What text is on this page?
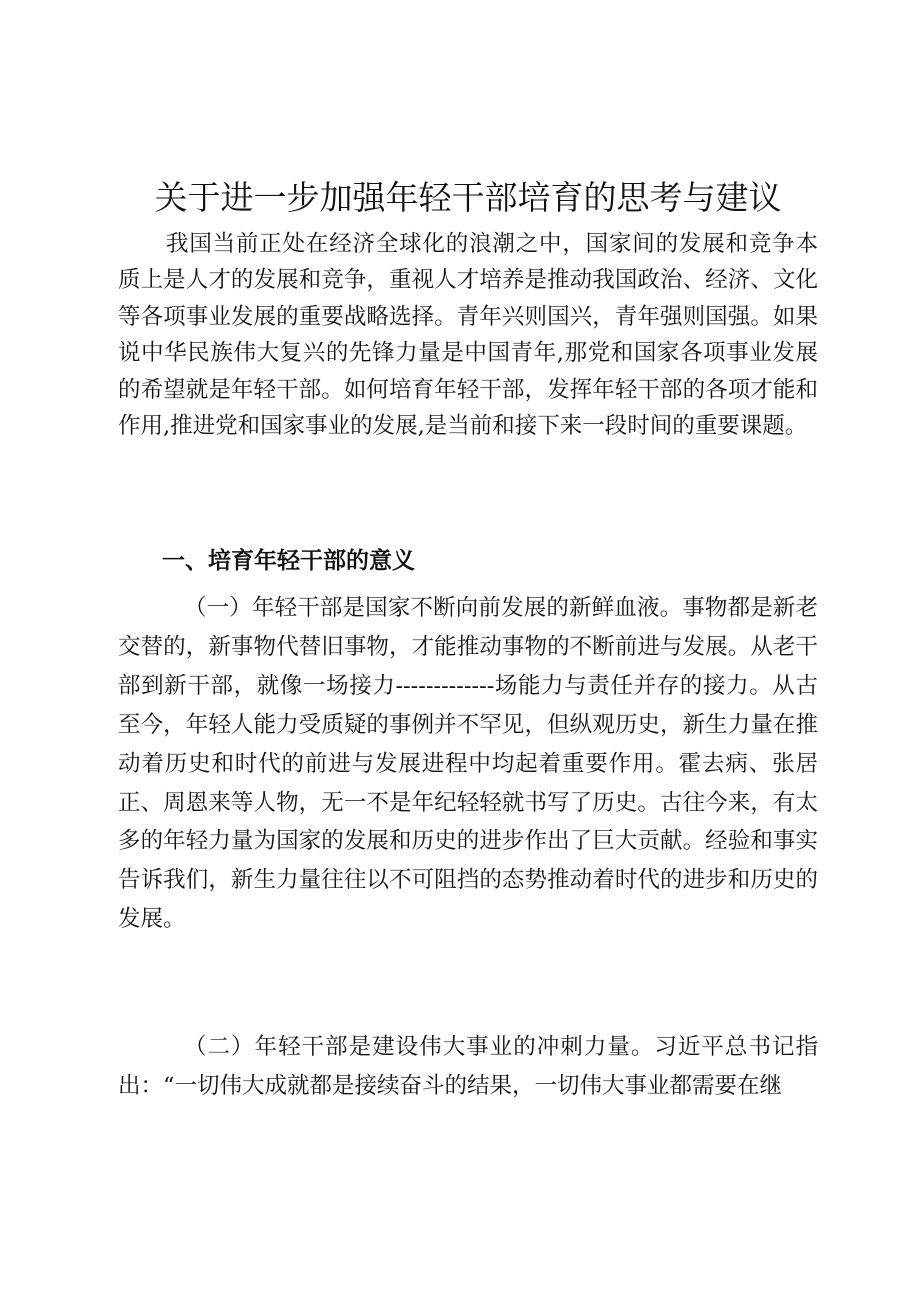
关于进一步加强年轻干部培育的思考与建议

我国当前正处在经济全球化的浪潮之中，国家间的发展和竞争本质上是人才的发展和竞争，重视人才培养是推动我国政治、经济、文化等各项事业发展的重要战略选择。青年兴则国兴，青年强则国强。如果说中华民族伟大复兴的先锋力量是中国青年,那党和国家各项事业发展的希望就是年轻干部。如何培育年轻干部，发挥年轻干部的各项才能和作用,推进党和国家事业的发展,是当前和接下来一段时间的重要课题。

一、培育年轻干部的意义

（一）年轻干部是国家不断向前发展的新鲜血液。事物都是新老交替的，新事物代替旧事物，才能推动事物的不断前进与发展。从老干部到新干部，就像一场接力-------------场能力与责任并存的接力。从古至今，年轻人能力受质疑的事例并不罕见，但纵观历史，新生力量在推动着历史和时代的前进与发展进程中均起着重要作用。霍去病、张居正、周恩来等人物，无一不是年纪轻轻就书写了历史。古往今来，有太多的年轻力量为国家的发展和历史的进步作出了巨大贡献。经验和事实告诉我们，新生力量往往以不可阻挡的态势推动着时代的进步和历史的发展。

（二）年轻干部是建设伟大事业的冲刺力量。习近平总书记指出：“一切伟大成就都是接续奋斗的结果，一切伟大事业都需要在继
